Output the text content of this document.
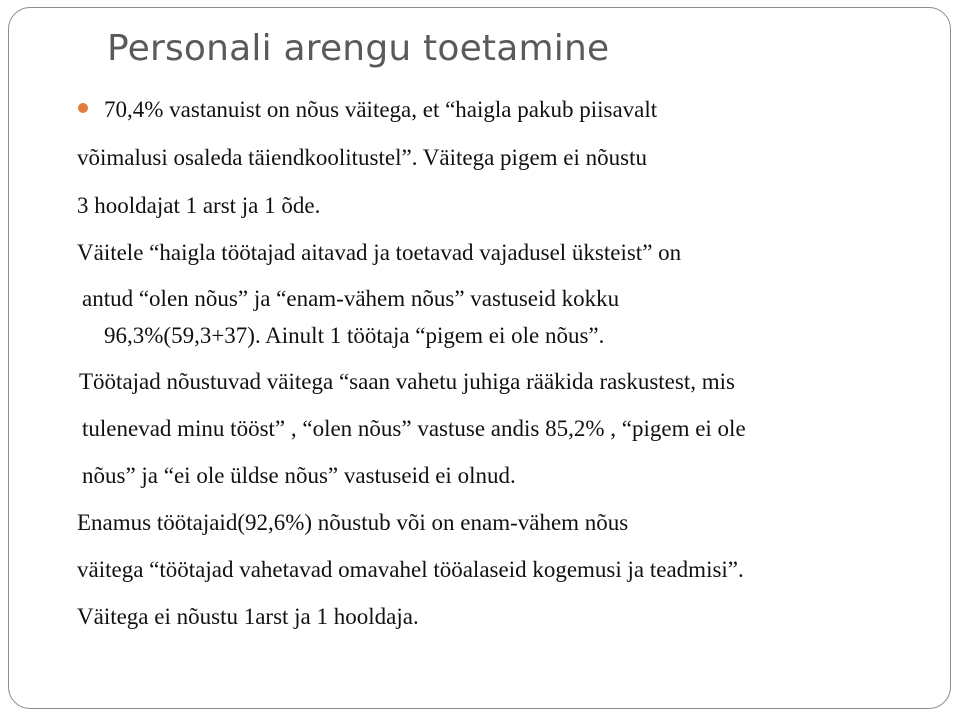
Personali arengu toetamine
70,4% vastanuist on nõus väitega, et “haigla pakub piisavalt
võimalusi osaleda täiendkoolitustel”. Väitega pigem ei nõustu
3 hooldajat 1 arst ja 1 õde.
Väitele “haigla töötajad aitavad ja toetavad vajadusel üksteist” on
antud “olen nõus” ja “enam-vähem nõus” vastuseid kokku
96,3%(59,3+37). Ainult 1 töötaja “pigem ei ole nõus”.
Töötajad nõustuvad väitega “saan vahetu juhiga rääkida raskustest, mis
tulenevad minu tööst” , “olen nõus” vastuse andis 85,2% , “pigem ei ole
nõus” ja “ei ole üldse nõus” vastuseid ei olnud.
Enamus töötajaid(92,6%) nõustub või on enam-vähem nõus
väitega “töötajad vahetavad omavahel tööalaseid kogemusi ja teadmisi”.
Väitega ei nõustu 1arst ja 1 hooldaja.
